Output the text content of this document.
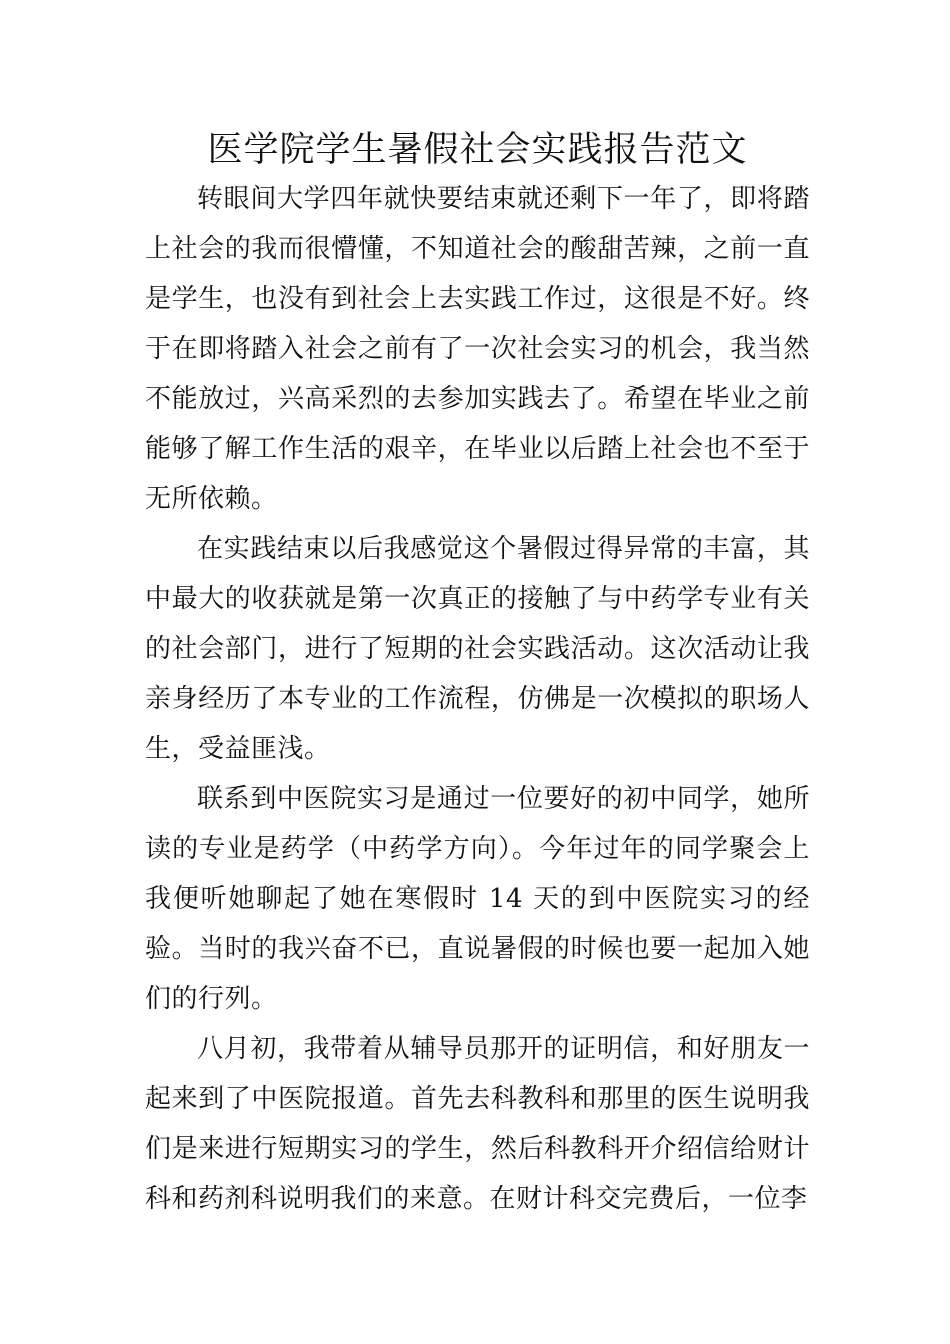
医学院学生暑假社会实践报告范文

转眼间大学四年就快要结束就还剩下一年了，即将踏上社会的我而很懵懂，不知道社会的酸甜苦辣，之前一直是学生，也没有到社会上去实践工作过，这很是不好。终于在即将踏入社会之前有了一次社会实习的机会，我当然不能放过，兴高采烈的去参加实践去了。希望在毕业之前能够了解工作生活的艰辛，在毕业以后踏上社会也不至于无所依赖。

在实践结束以后我感觉这个暑假过得异常的丰富，其中最大的收获就是第一次真正的接触了与中药学专业有关的社会部门，进行了短期的社会实践活动。这次活动让我亲身经历了本专业的工作流程，仿佛是一次模拟的职场人生，受益匪浅。

联系到中医院实习是通过一位要好的初中同学，她所读的专业是药学（中药学方向）。今年过年的同学聚会上我便听她聊起了她在寒假时 14 天的到中医院实习的经验。当时的我兴奋不已，直说暑假的时候也要一起加入她们的行列。

八月初，我带着从辅导员那开的证明信，和好朋友一起来到了中医院报道。首先去科教科和那里的医生说明我们是来进行短期实习的学生，然后科教科开介绍信给财计科和药剂科说明我们的来意。在财计科交完费后，一位李
